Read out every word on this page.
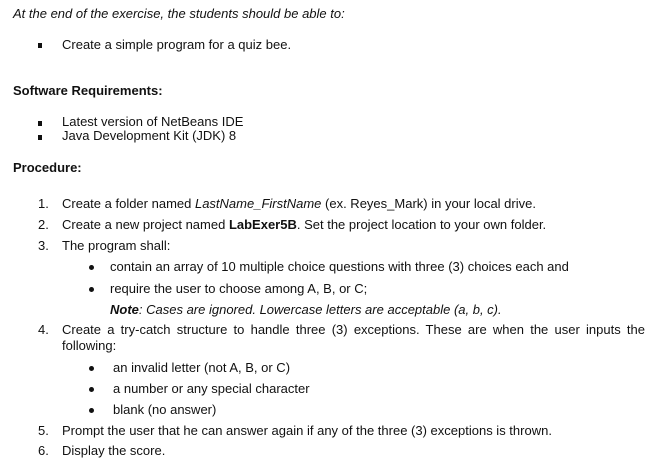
At the end of the exercise, the students should be able to:
Create a simple program for a quiz bee.
Software Requirements:
Latest version of NetBeans IDE
Java Development Kit (JDK) 8
Procedure:
1. Create a folder named LastName_FirstName (ex. Reyes_Mark) in your local drive.
2. Create a new project named LabExer5B. Set the project location to your own folder.
3. The program shall:
contain an array of 10 multiple choice questions with three (3) choices each and
require the user to choose among A, B, or C;
Note: Cases are ignored. Lowercase letters are acceptable (a, b, c).
4. Create a try-catch structure to handle three (3) exceptions. These are when the user inputs the
following:
an invalid letter (not A, B, or C)
a number or any special character
blank (no answer)
5. Prompt the user that he can answer again if any of the three (3) exceptions is thrown.
6. Display the score.
